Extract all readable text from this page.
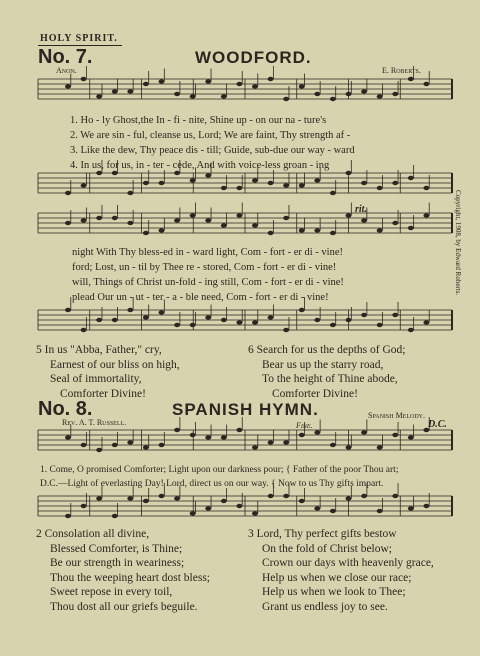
HOLY SPIRIT.
No. 7.	WOODFORD.
Anon.	E. Roberts.
1. Ho - ly Ghost,the In - fi - nite, Shine up - on our na - ture's
2. We are sin - ful, cleanse us, Lord; We are faint, Thy strength af -
3. Like the dew, Thy peace dis - till; Guide, sub-due our way - ward
4. In us, for us, in - ter - cede, And with voice-less groan - ing
rit.
night With Thy bless-ed in - ward light, Com - fort - er di - vine!
ford; Lost, un - til by Thee re - stored, Com - fort - er di - vine!
will, Things of Christ un-fold - ing still, Com - fort - er di - vine!
plead Our un - ut - ter - a - ble need, Com - fort - er di - vine!
Copyright, 1908, by Edward Roberts.
5 In us "Abba, Father," cry,
Earnest of our bliss on high,
Seal of immortality,
Comforter Divine!
6 Search for us the depths of God;
Bear us up the starry road,
To the height of Thine abode,
Comforter Divine!
No. 8.	SPANISH HYMN.
Rev. A. T. Russell.
Spanish Melody.
Fine.	D.C.
1. Come, O promised Comforter; Light upon our darkness pour; { Father of the poor Thou art;
D.C.—Light of everlasting Day! Lord, direct us on our way. { Now to us Thy gifts impart.
2 Consolation all divine,
Blessed Comforter, is Thine;
Be our strength in weariness;
Thou the weeping heart dost bless;
Sweet repose in every toil,
Thou dost all our griefs beguile.
3 Lord, Thy perfect gifts bestow
On the fold of Christ below;
Crown our days with heavenly grace,
Help us when we close our race;
Help us when we look to Thee;
Grant us endless joy to see.
